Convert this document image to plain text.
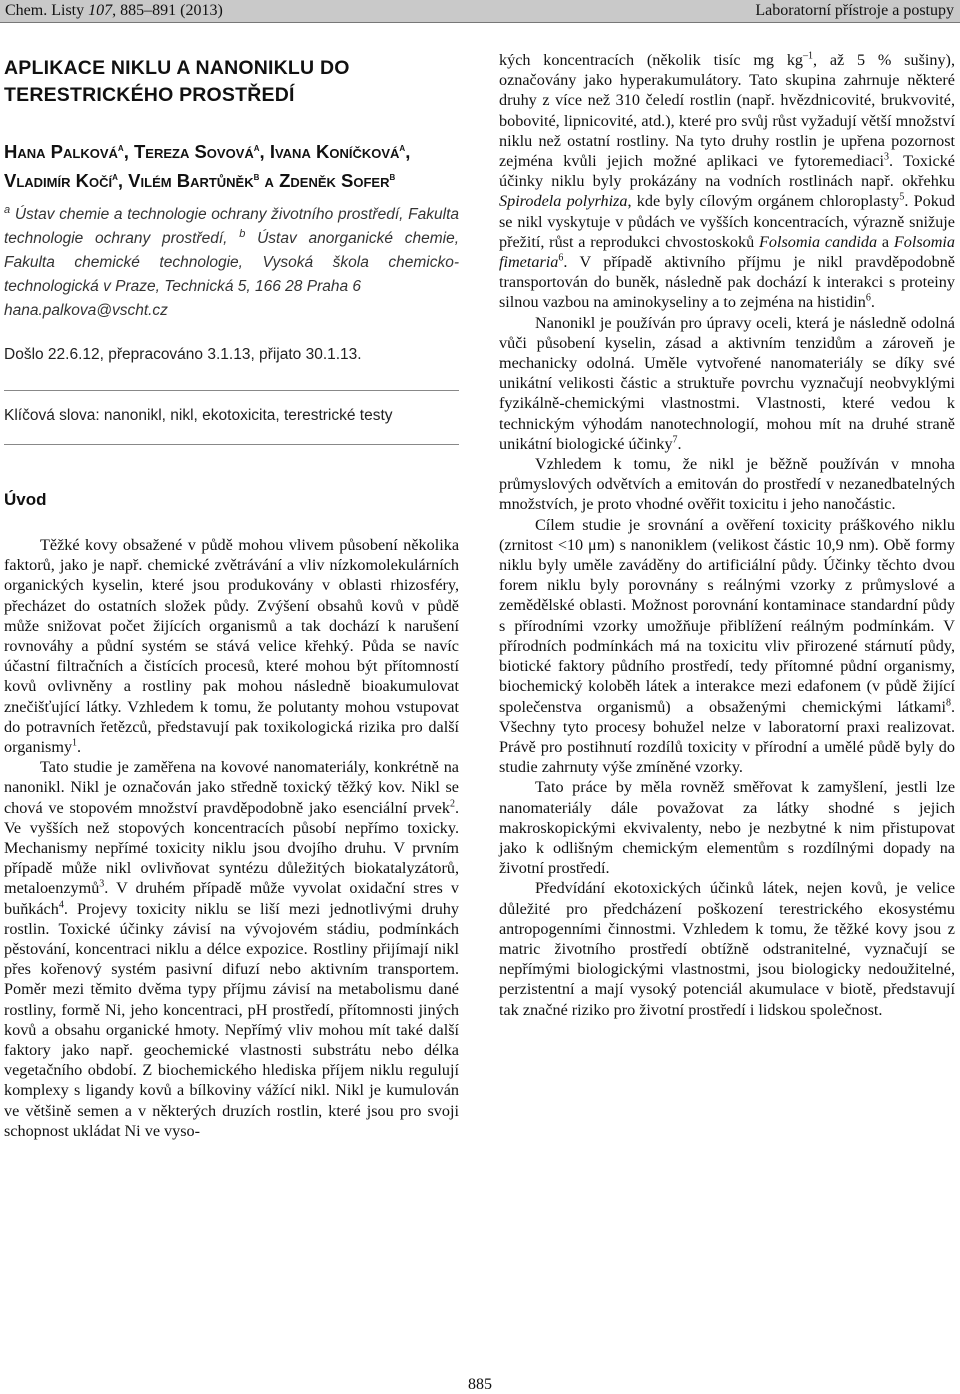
Chem. Listy 107, 885–891 (2013)	Laboratorní přístroje a postupy
APLIKACE NIKLU A NANONIKLU DO TERESTRICKÉHO PROSTŘEDÍ
Hana Palková$^a$, Tereza Sovová$^a$, Ivana Koníčková$^a$, Vladimír Kočí$^a$, Vilém Bartůněk$^b$ a Zdeněk Sofer$^b$

$^a$ Ústav chemie a technologie ochrany životního prostředí, Fakulta technologie ochrany prostředí, $^b$ Ústav anorganické chemie, Fakulta chemické technologie, Vysoká škola chemicko-technologická v Praze, Technická 5, 166 28 Praha 6

hana.palkova@vscht.cz
Došlo 22.6.12, přepracováno 3.1.13, přijato 30.1.13.
Klíčová slova: nanonikl, nikl, ekotoxicita, terestrické testy
Úvod

Těžké kovy obsažené v půdě mohou vlivem působení několika faktorů, jako je např. chemické zvětrávání a vliv nízkomolekulárních organických kyselin, které jsou produkovány v oblasti rhizosféry, přecházet do ostatních složek půdy. Zvýšení obsahů kovů v půdě může snižovat počet žijících organismů a tak dochází k narušení rovnováhy a půdní systém se stává velice křehký. Půda se navíc účastní filtračních a čistících procesů, které mohou být přítomností kovů ovlivněny a rostliny pak mohou následně bioakumulovat znečišťující látky. Vzhledem k tomu, že polutanty mohou vstupovat do potravních řetězců, představují pak toxikologická rizika pro další organismy$^1$.

Tato studie je zaměřena na kovové nanomateriály, konkrétně na nanonikl. Nikl je označován jako středně toxický těžký kov. Nikl se chová ve stopovém množství pravděpodobně jako esenciální prvek$^2$. Ve vyšších než stopových koncentracích působí nepřímo toxicky. Mechanismy nepřímé toxicity niklu jsou dvojího druhu. V prvním případě může nikl ovlivňovat syntézu důležitých biokatalyzátorů, metaloenzymů$^3$. V druhém případě může vyvolat oxidační stres v buňkách$^4$. Projevy toxicity niklu se liší mezi jednotlivými druhy rostlin. Toxické účinky závisí na vývojovém stádiu, podmínkách pěstování, koncentraci niklu a délce expozice. Rostliny přijímají nikl přes kořenový systém pasivní difuzí nebo aktivním transportem. Poměr mezi těmito dvěma typy příjmu závisí na metabolismu dané rostliny, formě Ni, jeho koncentraci, pH prostředí, přítomnosti jiných kovů a obsahu organické hmoty. Nepřímý vliv mohou mít také další faktory jako např. geochemické vlastnosti substrátu nebo délka vegetačního období. Z biochemického hlediska příjem niklu regulují komplexy s ligandy kovů a bílkoviny vážící nikl. Nikl je kumulován ve většině semen a v některých druzích rostlin, které jsou pro svoji schopnost ukládat Ni ve vyso-

kých koncentracích (několik tisíc mg $kg^{-1}$, až 5 % sušiny), označovány jako hyperakumulátory. Tato skupina zahrnuje některé druhy z více než 310 čeledí rostlin (např. hvězdnicovité, brukvovité, bobovité, lipnicovité, atd.), které pro svůj růst vyžadují větší množství niklu než ostatní rostliny. Na tyto druhy rostlin je upřena pozornost zejména kvůli jejich možné aplikaci ve fytoremediaci$^3$. Toxické účinky niklu byly prokázány na vodních rostlinách např. okřehku Spirodela polyrhiza, kde byly cílovým orgánem chloroplasty$^5$. Pokud se nikl vyskytuje v půdách ve vyšších koncentracích, výrazně snižuje přežití, růst a reprodukci chvostoskoků Folsomia candida a Folsomia fimetaria$^6$. V případě aktivního příjmu je nikl pravděpodobně transportován do buněk, následně pak dochází k interakci s proteiny silnou vazbou na aminokyseliny a to zejména na histidin$^6$.

Nanonikl je používán pro úpravy oceli, která je následně odolná vůči působení kyselin, zásad a aktivním tenzidům a zároveň je mechanicky odolná. Uměle vytvořené nanomateriály se díky své unikátní velikosti částic a struktuře povrchu vyznačují neobvyklými fyzikálně-chemickými vlastnostmi. Vlastnosti, které vedou k technickým výhodám nanotechnologií, mohou mít na druhé straně unikátní biologické účinky$^7$.

Vzhledem k tomu, že nikl je běžně používán v mnoha průmyslových odvětvích a emitován do prostředí v nezanedbatelných množstvích, je proto vhodné ověřit toxicitu i jeho nanočástic.

Cílem studie je srovnání a ověření toxicity práškového niklu (zrnitost <10 μm) s nanoniklem (velikost částic 10,9 nm). Obě formy niklu byly uměle zaváděny do artificiální půdy. Účinky těchto dvou forem niklu byly porovnány s reálnými vzorky z průmyslové a zemědělské oblasti. Možnost porovnání kontaminace standardní půdy s přírodními vzorky umožňuje přiblížení reálným podmínkám. V přírodních podmínkách má na toxicitu vliv přirozené stárnutí půdy, biotické faktory půdního prostředí, tedy přítomné půdní organismy, biochemický koloběh látek a interakce mezi edafonem (v půdě žijící společenstva organismů) a obsaženými chemickými látkami$^8$. Všechny tyto procesy bohužel nelze v laboratorní praxi realizovat. Právě pro postihnutí rozdílů toxicity v přírodní a umělé půdě byly do studie zahrnuty výše zmíněné vzorky.

Tato práce by měla rovněž směřovat k zamyšlení, jestli lze nanomateriály dále považovat za látky shodné s jejich makroskopickými ekvivalenty, nebo je nezbytné k nim přistupovat jako k odlišným chemickým elementům s rozdílnými dopady na životní prostředí.

Předvídání ekotoxických účinků látek, nejen kovů, je velice důležité pro předcházení poškození terestrického ekosystému antropogenními činnostmi. Vzhledem k tomu, že těžké kovy jsou z matric životního prostředí obtížně odstranitelné, vyznačují se nepřímými biologickými vlastnostmi, jsou biologicky nedoužitelné, perzistentní a mají vysoký potenciál akumulace v biotě, představují tak značné riziko pro životní prostředí i lidskou společnost.

885
